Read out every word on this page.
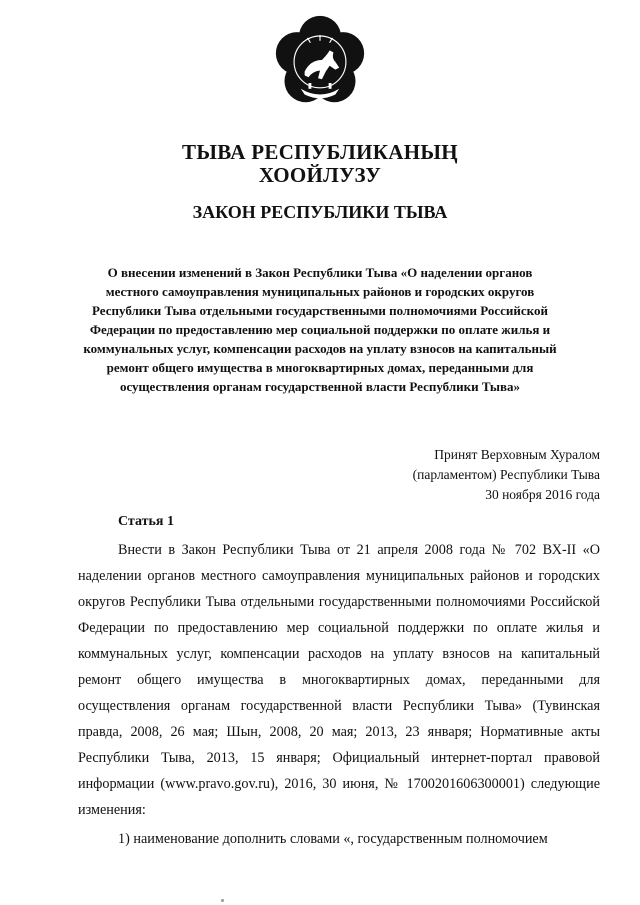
ТЫВА РЕСПУБЛИКАНЫҢ
ХООЙЛУЗУ
ЗАКОН РЕСПУБЛИКИ ТЫВА
О внесении изменений в Закон Республики Тыва «О наделении органов местного самоуправления муниципальных районов и городских округов Республики Тыва отдельными государственными полномочиями Российской Федерации по предоставлению мер социальной поддержки по оплате жилья и коммунальных услуг, компенсации расходов на уплату взносов на капитальный ремонт общего имущества в многоквартирных домах, переданными для осуществления органам государственной власти Республики Тыва»
Принят Верховным Хуралом
(парламентом) Республики Тыва
30 ноября 2016 года
Статья 1

Внести в Закон Республики Тыва от 21 апреля 2008 года № 702 ВХ-II «О наделении органов местного самоуправления муниципальных районов и городских округов Республики Тыва отдельными государственными полномочиями Российской Федерации по предоставлению мер социальной поддержки по оплате жилья и коммунальных услуг, компенсации расходов на уплату взносов на капитальный ремонт общего имущества в многоквартирных домах, переданными для осуществления органам государственной власти Республики Тыва» (Тувинская правда, 2008, 26 мая; Шын, 2008, 20 мая; 2013, 23 января; Нормативные акты Республики Тыва, 2013, 15 января; Официальный интернет-портал правовой информации (www.pravo.gov.ru), 2016, 30 июня, № 1700201606300001) следующие изменения:

1) наименование дополнить словами «, государственным полномочием
